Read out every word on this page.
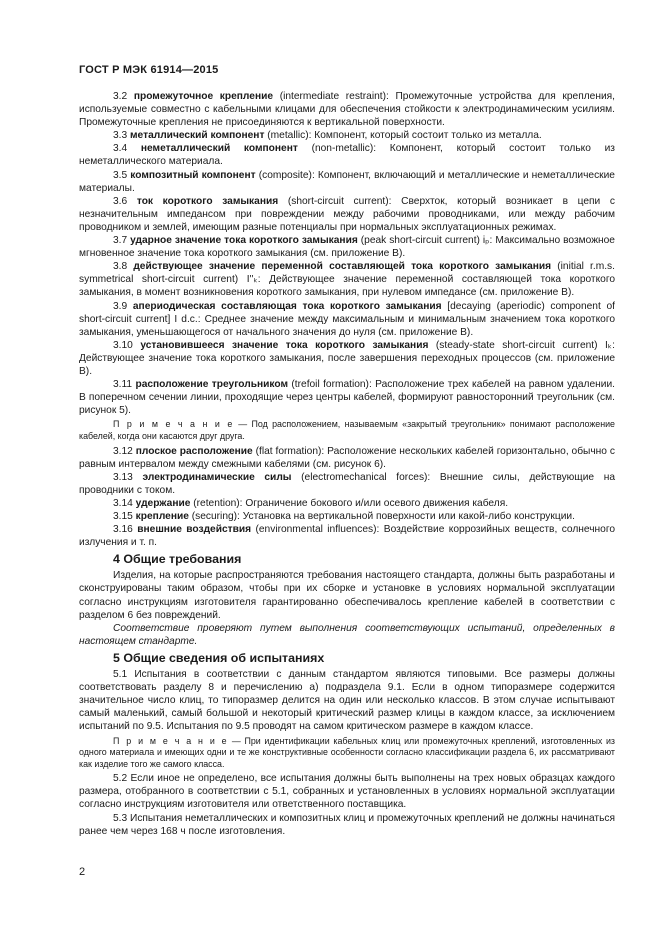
ГОСТ Р МЭК 61914—2015

3.2 промежуточное крепление (intermediate restraint): Промежуточные устройства для крепления, используемые совместно с кабельными клицами для обеспечения стойкости к электродинамическим усилиям. Промежуточные крепления не присоединяются к вертикальной поверхности.

3.3 металлический компонент (metallic): Компонент, который состоит только из металла.

3.4 неметаллический компонент (non-metallic): Компонент, который состоит только из неметаллического материала.

3.5 композитный компонент (composite): Компонент, включающий и металлические и неметаллические материалы.

3.6 ток короткого замыкания (short-circuit current): Сверхток, который возникает в цепи с незначительным импедансом при повреждении между рабочими проводниками, или между рабочим проводником и землей, имеющим разные потенциалы при нормальных эксплуатационных режимах.

3.7 ударное значение тока короткого замыкания (peak short-circuit current) iₚ: Максимально возможное мгновенное значение тока короткого замыкания (см. приложение В).

3.8 действующее значение переменной составляющей тока короткого замыкания (initial r.m.s. symmetrical short-circuit current) I''ₖ: Действующее значение переменной составляющей тока короткого замыкания, в момент возникновения короткого замыкания, при нулевом импедансе (см. приложение В).

3.9 апериодическая составляющая тока короткого замыкания [decaying (aperiodic) component of short-circuit current] I d.c.: Среднее значение между максимальным и минимальным значением тока короткого замыкания, уменьшающегося от начального значения до нуля (см. приложение В).

3.10 установившееся значение тока короткого замыкания (steady-state short-circuit current) Iₖ: Действующее значение тока короткого замыкания, после завершения переходных процессов (см. приложение В).

3.11 расположение треугольником (trefoil formation): Расположение трех кабелей на равном удалении. В поперечном сечении линии, проходящие через центры кабелей, формируют равносторонний треугольник (см. рисунок 5).

П р и м е ч а н и е — Под расположением, называемым «закрытый треугольник» понимают расположение кабелей, когда они касаются друг друга.

3.12 плоское расположение (flat formation): Расположение нескольких кабелей горизонтально, обычно с равным интервалом между смежными кабелями (см. рисунок 6).

3.13 электродинамические силы (electromechanical forces): Внешние силы, действующие на проводники с током.

3.14 удержание (retention): Ограничение бокового и/или осевого движения кабеля.

3.15 крепление (securing): Установка на вертикальной поверхности или какой-либо конструкции.

3.16 внешние воздействия (environmental influences): Воздействие коррозийных веществ, солнечного излучения и т. п.

4 Общие требования

Изделия, на которые распространяются требования настоящего стандарта, должны быть разработаны и сконструированы таким образом, чтобы при их сборке и установке в условиях нормальной эксплуатации согласно инструкциям изготовителя гарантированно обеспечивалось крепление кабелей в соответствии с разделом 6 без повреждений.

Соответствие проверяют путем выполнения соответствующих испытаний, определенных в настоящем стандарте.

5 Общие сведения об испытаниях

5.1 Испытания в соответствии с данным стандартом являются типовыми. Все размеры должны соответствовать разделу 8 и перечислению а) подраздела 9.1. Если в одном типоразмере содержится значительное число клиц, то типоразмер делится на один или несколько классов. В этом случае испытывают самый маленький, самый большой и некоторый критический размер клицы в каждом классе, за исключением испытаний по 9.5. Испытания по 9.5 проводят на самом критическом размере в каждом классе.

П р и м е ч а н и е — При идентификации кабельных клиц или промежуточных креплений, изготовленных из одного материала и имеющих одни и те же конструктивные особенности согласно классификации раздела 6, их рассматривают как изделие того же самого класса.

5.2 Если иное не определено, все испытания должны быть выполнены на трех новых образцах каждого размера, отобранного в соответствии с 5.1, собранных и установленных в условиях нормальной эксплуатации согласно инструкциям изготовителя или ответственного поставщика.

5.3 Испытания неметаллических и композитных клиц и промежуточных креплений не должны начинаться ранее чем через 168 ч после изготовления.

2
